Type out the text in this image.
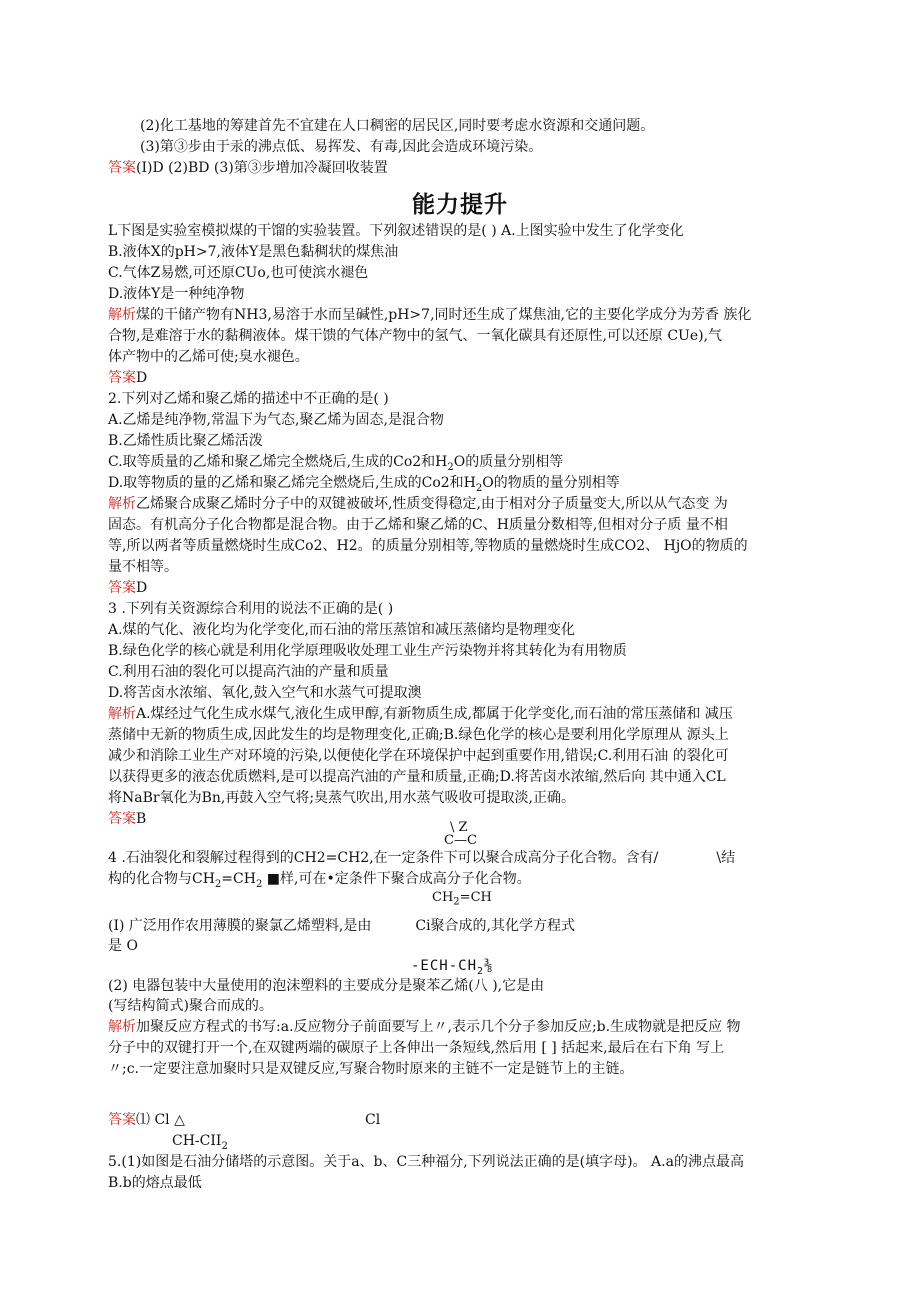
(2)化工基地的筹建首先不宜建在人口稠密的居民区,同时要考虑水资源和交通问题。
(3)第③步由于汞的沸点低、易挥发、有毒,因此会造成环境污染。
答案(I)D (2)BD (3)第③步增加冷凝回收装置
能力提升
L下图是实验室模拟煤的干馏的实验装置。下列叙述错误的是( ) A.上图实验中发生了化学变化
B.液体X的pH>7,液体Y是黑色黏稠状的煤焦油
C.气体Z易燃,可还原CUo,也可使滨水褪色
D.液体Y是一种纯净物
解析煤的干储产物有NH3,易溶于水而呈碱性,pH>7,同时还生成了煤焦油,它的主要化学成分为芳香 族化
合物,是难溶于水的黏稠液体。煤干馈的气体产物中的氢气、一氧化碳具有还原性,可以还原 CUe),气
体产物中的乙烯可使;臭水褪色。
答案D
2.下列对乙烯和聚乙烯的描述中不正确的是( )
A.乙烯是纯净物,常温下为气态,聚乙烯为固态,是混合物
B.乙烯性质比聚乙烯活泼
C.取等质量的乙烯和聚乙烯完全燃烧后,生成的Co2和$H_2O$的质量分别相等
D.取等物质的量的乙烯和聚乙烯完全燃烧后,生成的Co2和$H_2O$的物质的量分别相等
解析乙烯聚合成聚乙烯时分子中的双键被破坏,性质变得稳定,由于相对分子质量变大,所以从气态变 为
固态。有机高分子化合物都是混合物。由于乙烯和聚乙烯的C、H质量分数相等,但相对分子质 量不相
等,所以两者等质量燃烧时生成Co2、H2。的质量分别相等,等物质的量燃烧时生成CO2、 HjO的物质的
量不相等。
答案D
3 .下列有关资源综合利用的说法不正确的是( )
A.煤的气化、液化均为化学变化,而石油的常压蒸馆和减压蒸储均是物理变化
B.绿色化学的核心就是利用化学原理吸收处理工业生产污染物并将其转化为有用物质
C.利用石油的裂化可以提高汽油的产量和质量
D.将苦卤水浓缩、氧化,鼓入空气和水蒸气可提取澳
解析A.煤经过气化生成水煤气,液化生成甲醇,有新物质生成,都属于化学变化,而石油的常压蒸储和 减压
蒸储中无新的物质生成,因此发生的均是物理变化,正确;B.绿色化学的核心是要利用化学原理从 源头上
减少和消除工业生产对环境的污染,以便使化学在环境保护中起到重要作用,错误;C.利用石油 的裂化可
以获得更多的液态优质燃料,是可以提高汽油的产量和质量,正确;D.将苦卤水浓缩,然后向 其中通入CL
将NaBr氧化为Bn,再鼓入空气将;臭蒸气吹出,用水蒸气吸收可提取淡,正确。
答案B
\ Z
C—C
4 .石油裂化和裂解过程得到的CH2=CH2,在一定条件下可以聚合成高分子化合物。含有/	\结
构的化合物与$CH_2=CH_2$ ■样,可在•定条件下聚合成高分子化合物。
$CH_2=CH$
(I) 广泛用作农用薄膜的聚氯乙烯塑料,是由	Ci聚合成的,其化学方程式
是 O
$-ECH-CH_2\frac{3}{8}$
(2) 电器包装中大量使用的泡沫塑料的主要成分是聚苯乙烯(八 ),它是由
(写结构简式)聚合而成的。
解析加聚反应方程式的书写:a.反应物分子前面要写上〃,表示几个分子参加反应;b.生成物就是把反应 物
分子中的双键打开一个,在双键两端的碳原子上各伸出一条短线,然后用 [ ] 括起来,最后在右下角 写上
〃;c.一定要注意加聚时只是双键反应,写聚合物时原来的主链不一定是链节上的主链。
答案⑴ Cl △	Cl
$CH-CII_2$
5.(1)如图是石油分储塔的示意图。关于a、b、C三种福分,下列说法正确的是(填字母)。 A.a的沸点最高
B.b的熔点最低
